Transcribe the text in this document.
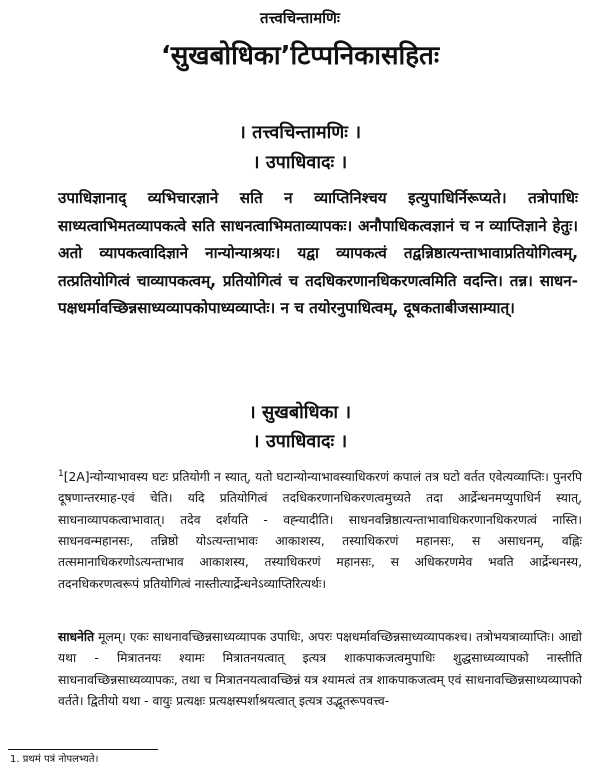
तत्त्वचिन्तामणिः
‘सुखबोधिका’टिप्पनिकासहितः
। तत्त्वचिन्तामणिः ।
। उपाधिवादः ।

उपाधिज्ञानाद् व्यभिचारज्ञाने सति न व्याप्तिनिश्चय इत्युपाधिर्निरूप्यते। तत्रोपाधिः साध्यत्वाभिमतव्यापकत्वे सति साधनत्वाभिमताव्यापकः। अनौपाधिकत्वज्ञानं च न व्याप्तिज्ञाने हेतुः। अतो व्यापकत्वादिज्ञाने नान्योन्याश्रयः। यद्वा व्यापकत्वं तद्वन्निष्ठात्यन्ताभावाप्रतियोगित्वम्, तत्प्रतियोगित्वं चाव्यापकत्वम्, प्रतियोगित्वं च तदधिकरणानधिकरणत्वमिति वदन्ति। तन्न। साधन-पक्षधर्मावच्छिन्नसाध्यव्यापकोपाध्यव्याप्तेः। न च तयोरनुपाधित्वम्, दूषकताबीजसाम्यात्।

। सुखबोधिका ।
। उपाधिवादः ।

$^1$[2A]न्योन्याभावस्य घटः प्रतियोगी न स्यात्, यतो घटान्योन्याभावस्याधिकरणं कपालं तत्र घटो वर्तत एवेत्यव्याप्तिः। पुनरपि दूषणान्तरमाह-एवं चेति। यदि प्रतियोगित्वं तदधिकरणानधिकरणत्वमुच्यते तदा आर्द्रेन्धनमप्युपाधिर्न स्यात्, साधनाव्यापकत्वाभावात्। तदेव दर्शयति - वह्न्यादीति। साधनवन्निष्ठात्यन्ताभावाधिकरणानधिकरणत्वं नास्ति। साधनवन्महानसः, तन्निष्ठो योऽत्यन्ताभावः आकाशस्य, तस्याधिकरणं महानसः, स असाधनम्, वह्निः तत्समानाधिकरणोऽत्यन्ताभाव आकाशस्य, तस्याधिकरणं महानसः, स अधिकरणमेव भवति आर्द्रेन्धनस्य, तदनधिकरणत्वरूपं प्रतियोगित्वं नास्तीत्यार्द्रेन्धनेऽव्याप्तिरित्यर्थः।

साधनेति मूलम्। एकः साधनावच्छिन्नसाध्यव्यापक उपाधिः, अपरः पक्षधर्मावच्छिन्नसाध्यव्यापकश्च। तत्रोभयत्राव्याप्तिः। आद्यो यथा - मित्रातनयः श्यामः मित्रातनयत्वात् इत्यत्र शाकपाकजत्वमुपाधिः शुद्धसाध्यव्यापको नास्तीति साधनावच्छिन्नसाध्यव्यापकः, तथा च मित्रातनयत्वावच्छिन्नं यत्र श्यामत्वं तत्र शाकपाकजत्वम् एवं साधनावच्छिन्नसाध्यव्यापको वर्तते। द्वितीयो यथा - वायुः प्रत्यक्षः प्रत्यक्षस्पर्शाश्रयत्वात् इत्यत्र उद्भूतरूपवत्त्व-

1. प्रथमं पत्रं नोपलभ्यते।
